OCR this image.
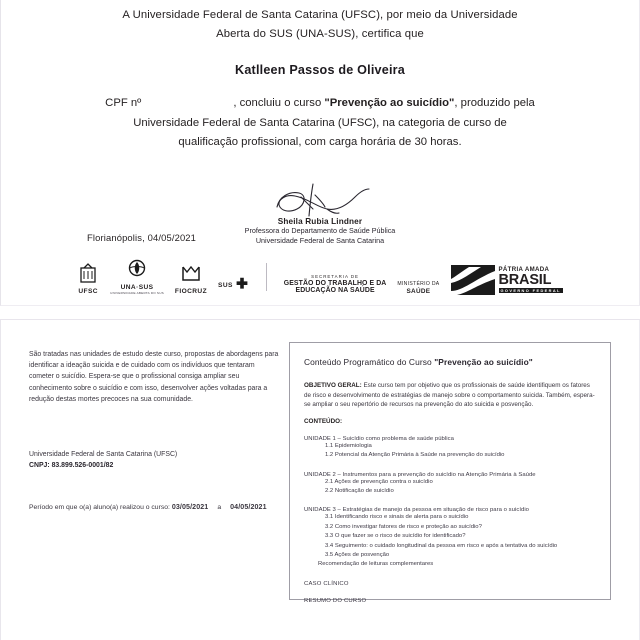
A Universidade Federal de Santa Catarina (UFSC), por meio da Universidade
Aberta do SUS (UNA-SUS), certifica que
Katlleen Passos de Oliveira
CPF nº	, concluiu o curso "Prevenção ao suicídio", produzido pela
Universidade Federal de Santa Catarina (UFSC), na categoria de curso de
qualificação profissional, com carga horária de 30 horas.
Sheila Rubia Lindner
Professora do Departamento de Saúde Pública
Universidade Federal de Santa Catarina
Florianópolis, 04/05/2021
UFSC
UNA·SUS
UNIVERSIDADE ABERTA DO SUS FIOCRUZ
SUS
SECRETARIA DE
GESTÃO DO TRABALHO E DA
EDUCAÇÃO NA SAÚDE
MINISTÉRIO DA
SAÚDE
PÁTRIA AMADA
BRASIL
GOVERNO FEDERAL

São tratadas nas unidades de estudo deste curso, propostas de abordagens para identificar a ideação suicida e de cuidado com os indivíduos que tentaram cometer o suicídio. Espera-se que o profissional consiga ampliar seu conhecimento sobre o suicídio e com isso, desenvolver ações voltadas para a redução destas mortes precoces na sua comunidade.

Universidade Federal de Santa Catarina (UFSC)
CNPJ: 83.899.526-0001/82
Período em que o(a) aluno(a) realizou o curso: 03/05/2021 a 04/05/2021
Conteúdo Programático do Curso "Prevenção ao suicídio"

OBJETIVO GERAL: Este curso tem por objetivo que os profissionais de saúde identifiquem os fatores de risco e desenvolvimento de estratégias de manejo sobre o comportamento suicida. Também, espera-se ampliar o seu repertório de recursos na prevenção do ato suicida e posvenção.

CONTEÚDO:
UNIDADE 1 – Suicídio como problema de saúde pública
1.1 Epidemiologia
1.2 Potencial da Atenção Primária à Saúde na prevenção do suicídio
UNIDADE 2 – Instrumentos para a prevenção do suicídio na Atenção Primária à Saúde
2.1 Ações de prevenção contra o suicídio
2.2 Notificação de suicídio
UNIDADE 3 – Estratégias de manejo da pessoa em situação de risco para o suicídio
3.1 Identificando risco e sinais de alerta para o suicídio
3.2 Como investigar fatores de risco e proteção ao suicídio?
3.3 O que fazer se o risco de suicídio for identificado?
3.4 Seguimento: o cuidado longitudinal da pessoa em risco e após a tentativa do suicídio
3.5 Ações de posvenção
Recomendação de leituras complementares
CASO CLÍNICO
RESUMO DO CURSO
